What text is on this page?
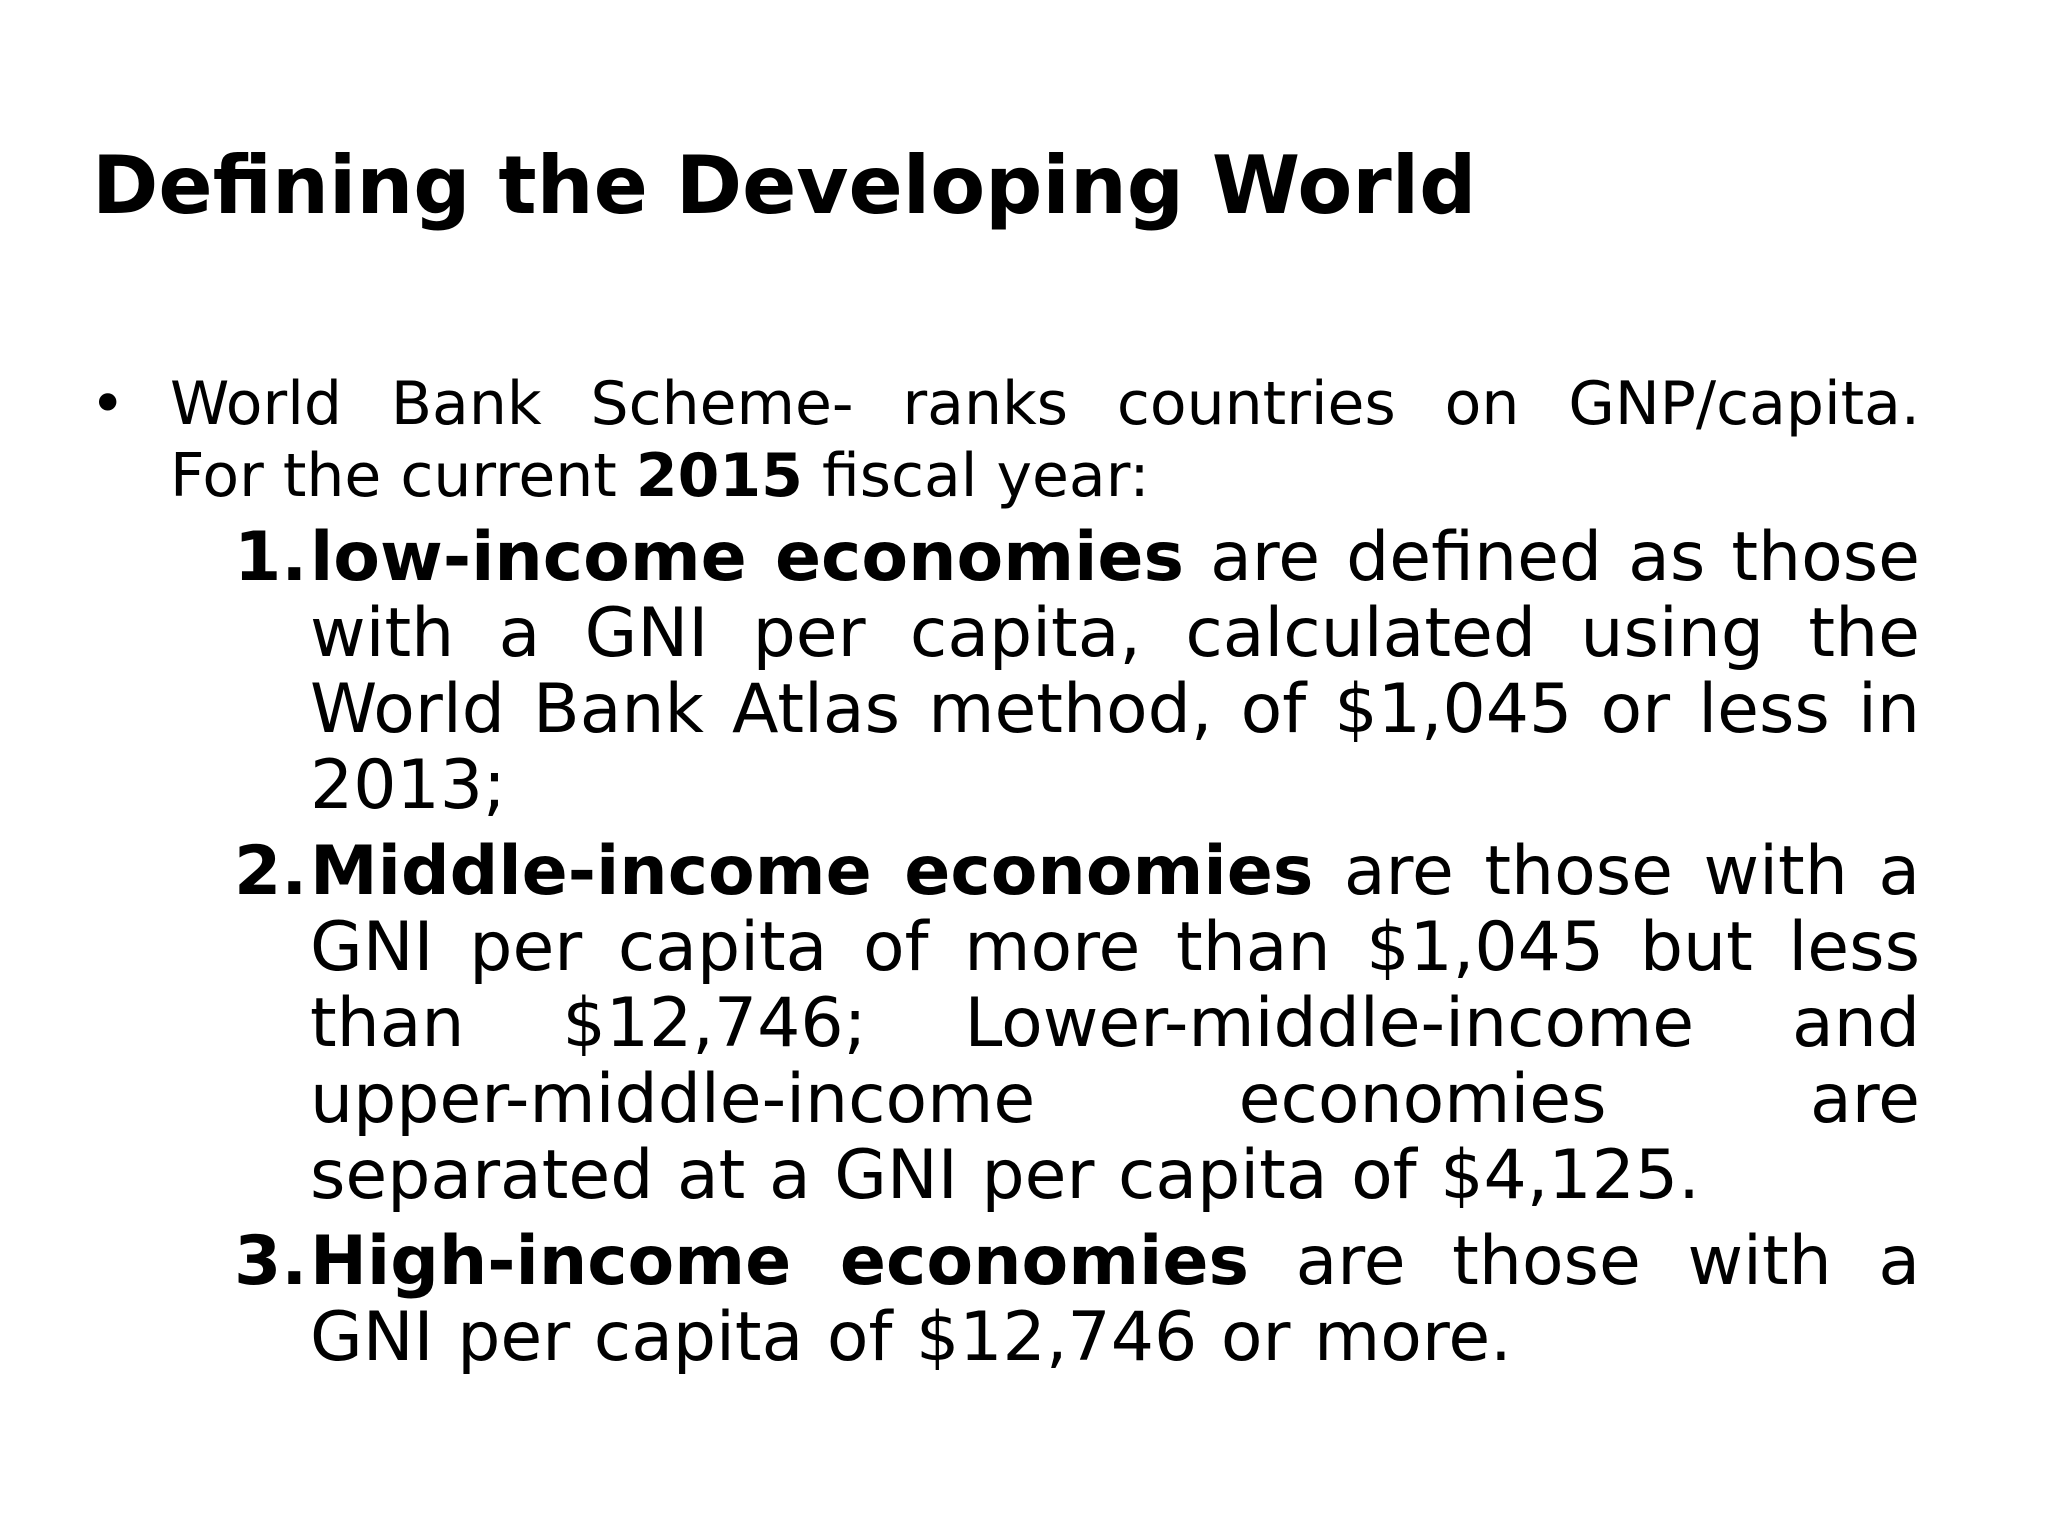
Defining the Developing World
• World Bank Scheme- ranks countries on GNP/capita.
For the current 2015 fiscal year:
1. low-income economies are defined as those with a GNI per capita, calculated using the World Bank Atlas method, of $1,045 or less in 2013;
2. Middle-income economies are those with a GNI per capita of more than $1,045 but less than $12,746; Lower-middle-income and upper-middle-income economies are separated at a GNI per capita of $4,125.
3. High-income economies are those with a GNI per capita of $12,746 or more.
